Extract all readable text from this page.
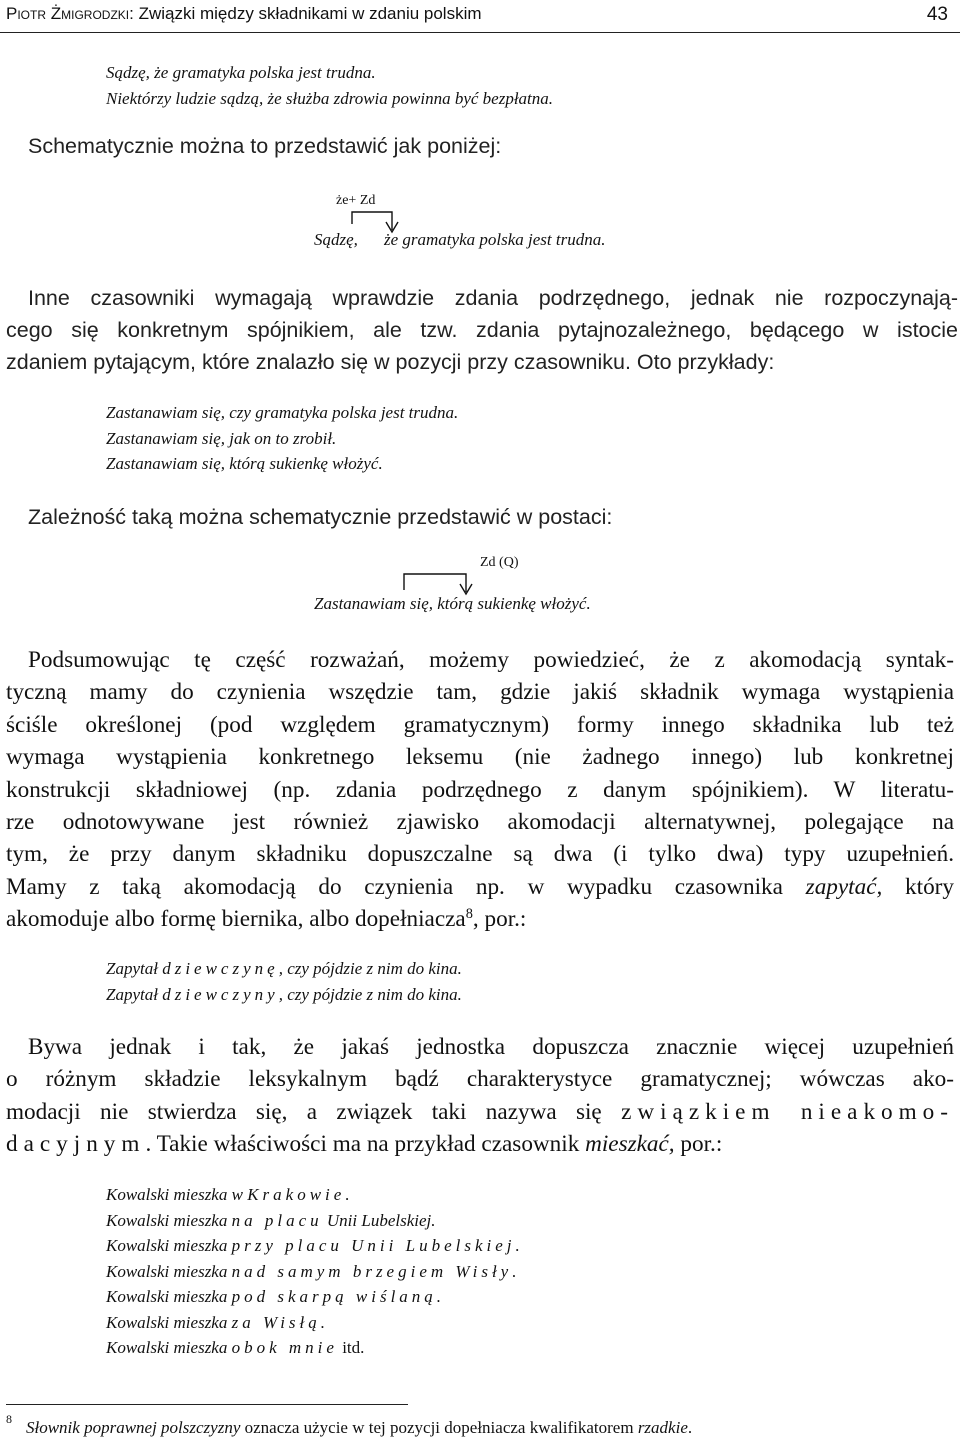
Piotr Żmigrodzki: Związki między składnikami w zdaniu polskim	43
Sądzę, że gramatyka polska jest trudna.
Niektórzy ludzie sądzą, że służba zdrowia powinna być bezpłatna.
Schematycznie można to przedstawić jak poniżej:
że+ Zd
Sądzę, że gramatyka polska jest trudna.
Inne czasowniki wymagają wprawdzie zdania podrzędnego, jednak nie rozpoczynają-
cego się konkretnym spójnikiem, ale tzw. zdania pytajnozależnego, będącego w istocie
zdaniem pytającym, które znalazło się w pozycji przy czasowniku. Oto przykłady:
Zastanawiam się, czy gramatyka polska jest trudna.
Zastanawiam się, jak on to zrobił.
Zastanawiam się, którą sukienkę włożyć.
Zależność taką można schematycznie przedstawić w postaci:
Zd (Q)
Zastanawiam się, którą sukienkę włożyć.
Podsumowując tę część rozważań, możemy powiedzieć, że z akomodacją syntak-
tyczną mamy do czynienia wszędzie tam, gdzie jakiś składnik wymaga wystąpienia
ściśle określonej (pod względem gramatycznym) formy innego składnika lub też
wymaga wystąpienia konkretnego leksemu (nie żadnego innego) lub konkretnej
konstrukcji składniowej (np. zdania podrzędnego z danym spójnikiem). W literatu-
rze odnotowywane jest również zjawisko akomodacji alternatywnej, polegające na
tym, że przy danym składniku dopuszczalne są dwa (i tylko dwa) typy uzupełnień.
Mamy z taką akomodacją do czynienia np. w wypadku czasownika zapytać, który
akomoduje albo formę biernika, albo dopełniacza$^8$, por.:
Zapytał dziewczynę, czy pójdzie z nim do kina.
Zapytał dziewczyny, czy pójdzie z nim do kina.
Bywa jednak i tak, że jakaś jednostka dopuszcza znacznie więcej uzupełnień
o różnym składzie leksykalnym bądź charakterystyce gramatycznej; wówczas ako-
modacji nie stwierdza się, a związek taki nazywa się związkiem nieakomo-
dacyjnym. Takie właściwości ma na przykład czasownik mieszkać, por.:
Kowalski mieszka w Krakowie.
Kowalski mieszka na placu Unii Lubelskiej.
Kowalski mieszka przy placu Unii Lubelskiej.
Kowalski mieszka nad samym brzegiem Wisły.
Kowalski mieszka pod skarpą wiślaną.
Kowalski mieszka za Wisłą.
Kowalski mieszka obok mnie itd.
8 Słownik poprawnej polszczyzny oznacza użycie w tej pozycji dopełniacza kwalifikatorem rzadkie.
